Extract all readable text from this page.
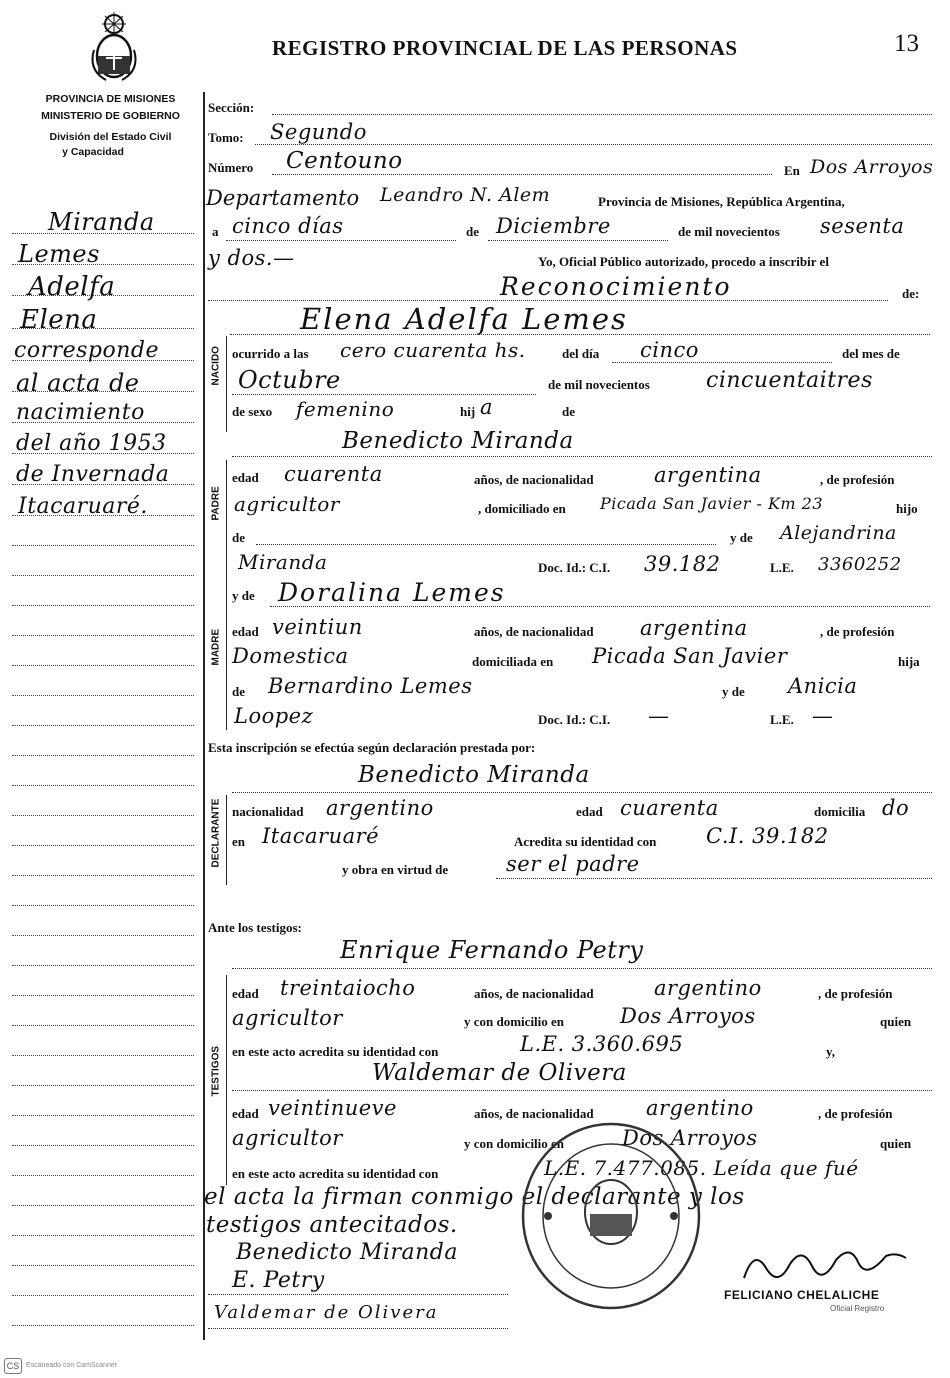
PROVINCIA DE MISIONES
MINISTERIO DE GOBIERNO
División del Estado Civil
y Capacidad
REGISTRO PROVINCIAL DE LAS PERSONAS	13
Miranda
Lemes
Adelfa
Elena
corresponde
al acta de
nacimiento
del año 1953
de Invernada
Itacaruaré.
NACIDO
PADRE
MADRE
DECLARANTE
TESTIGOS
Sección:
Tomo: Segundo
Número Centouno	En Dos Arroyos
Departamento Leandro N. Alem	Provincia de Misiones, República Argentina,
a cinco días	de Diciembre	de mil novecientos sesenta
y dos.—	Yo, Oficial Público autorizado, procedo a inscribir el
Reconocimiento	de:
Elena Adelfa Lemes
ocurrido a las cero cuarenta hs.	del día cinco	del mes de
Octubre	de mil novecientos	cincuentaitres
de sexo femenino	hij a	de
Benedicto Miranda
edad cuarenta	años, de nacionalidad	argentina	, de profesión
agricultor	, domiciliado en Picada San Javier - Km 23	hijo
de	y de Alejandrina
Miranda	Doc. Id.: C.I. 39.182	L.E. 3360252
y de Doralina Lemes
edad veintiun	años, de nacionalidad argentina	, de profesión
Domestica	domiciliada en Picada San Javier	hija
de Bernardino Lemes	y de Anicia
Loopez	Doc. Id.: C.I. —	L.E. —
Esta inscripción se efectúa según declaración prestada por:
Benedicto Miranda
nacionalidad argentino	edad cuarenta	domicilia do
en Itacaruaré	Acredita su identidad con C.I. 39.182
y obra en virtud de	ser el padre
Ante los testigos:
Enrique Fernando Petry
edad treintaiocho	años, de nacionalidad	argentino	, de profesión
agricultor	y con domicilio en	Dos Arroyos	quien
en este acto acredita su identidad con	L.E. 3.360.695	y,
Waldemar de Olivera
edad veintinueve	años, de nacionalidad argentino	, de profesión
agricultor	y con domicilio en	Dos Arroyos	quien
en este acto acredita su identidad con	L.E. 7.477.085. Leída que fué
el acta la firman conmigo el declarante y los
testigos antecitados.
Benedicto Miranda
E. Petry
Valdemar de Olivera
FELICIANO CHELALICHE
Oficial Registro
CS Escaneado con CamScanner
